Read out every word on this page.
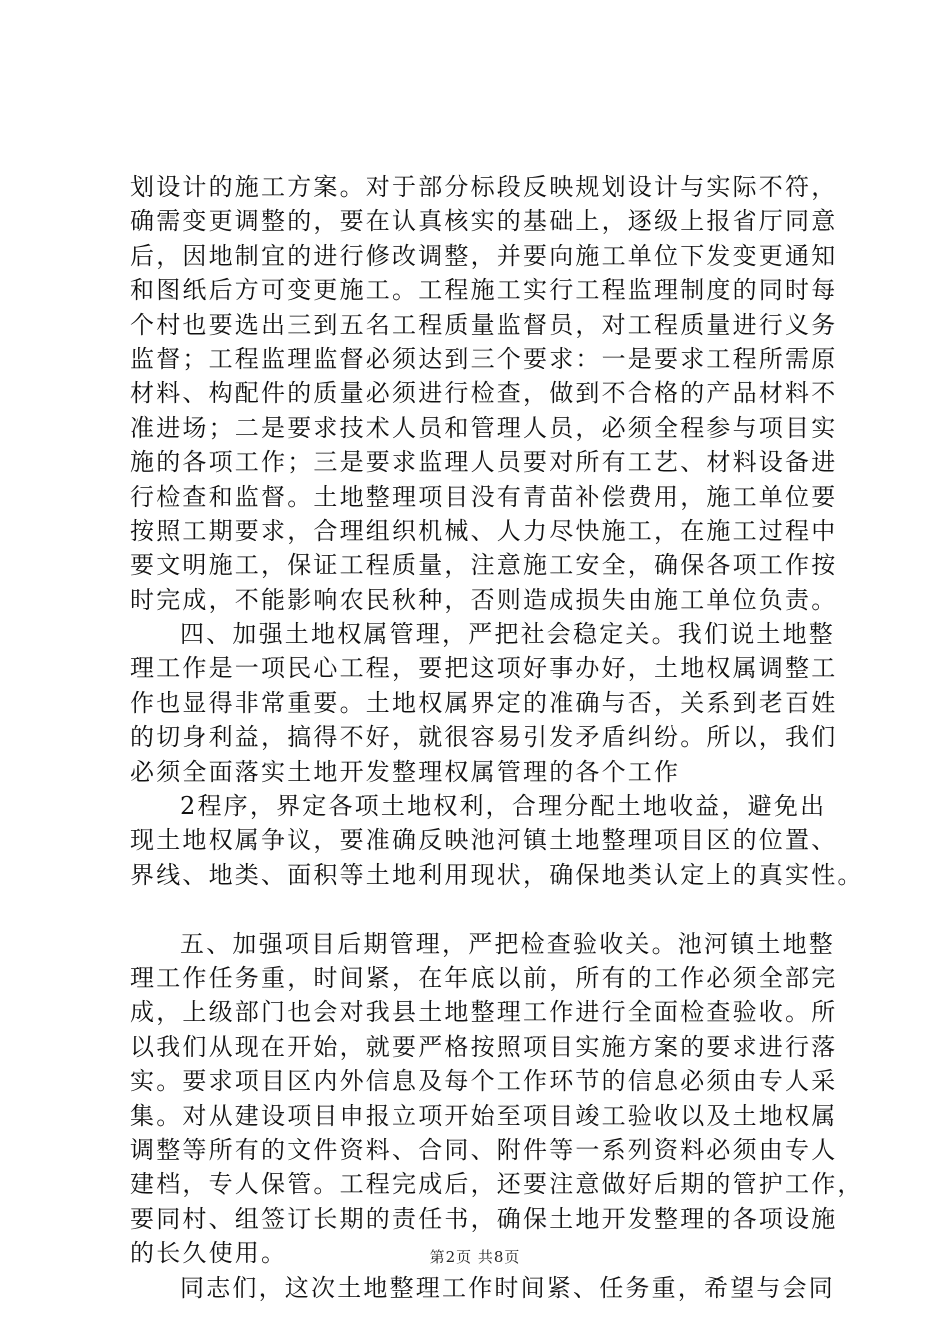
划设计的施工方案。对于部分标段反映规划设计与实际不符，
确需变更调整的，要在认真核实的基础上，逐级上报省厅同意
后，因地制宜的进行修改调整，并要向施工单位下发变更通知
和图纸后方可变更施工。工程施工实行工程监理制度的同时每
个村也要选出三到五名工程质量监督员，对工程质量进行义务
监督；工程监理监督必须达到三个要求：一是要求工程所需原
材料、构配件的质量必须进行检查，做到不合格的产品材料不
准进场；二是要求技术人员和管理人员，必须全程参与项目实
施的各项工作；三是要求监理人员要对所有工艺、材料设备进
行检查和监督。土地整理项目没有青苗补偿费用，施工单位要
按照工期要求，合理组织机械、人力尽快施工，在施工过程中
要文明施工，保证工程质量，注意施工安全，确保各项工作按
时完成，不能影响农民秋种，否则造成损失由施工单位负责。
四、加强土地权属管理，严把社会稳定关。我们说土地整
理工作是一项民心工程，要把这项好事办好，土地权属调整工
作也显得非常重要。土地权属界定的准确与否，关系到老百姓
的切身利益，搞得不好，就很容易引发矛盾纠纷。所以，我们
必须全面落实土地开发整理权属管理的各个工作
2程序，界定各项土地权利，合理分配土地收益，避免出
现土地权属争议，要准确反映池河镇土地整理项目区的位置、
界线、地类、面积等土地利用现状，确保地类认定上的真实性。
五、加强项目后期管理，严把检查验收关。池河镇土地整
理工作任务重，时间紧，在年底以前，所有的工作必须全部完
成，上级部门也会对我县土地整理工作进行全面检查验收。所
以我们从现在开始，就要严格按照项目实施方案的要求进行落
实。要求项目区内外信息及每个工作环节的信息必须由专人采
集。对从建设项目申报立项开始至项目竣工验收以及土地权属
调整等所有的文件资料、合同、附件等一系列资料必须由专人
建档，专人保管。工程完成后，还要注意做好后期的管护工作，
要同村、组签订长期的责任书，确保土地开发整理的各项设施
的长久使用。
同志们，这次土地整理工作时间紧、任务重，希望与会同
第2页 共8页
